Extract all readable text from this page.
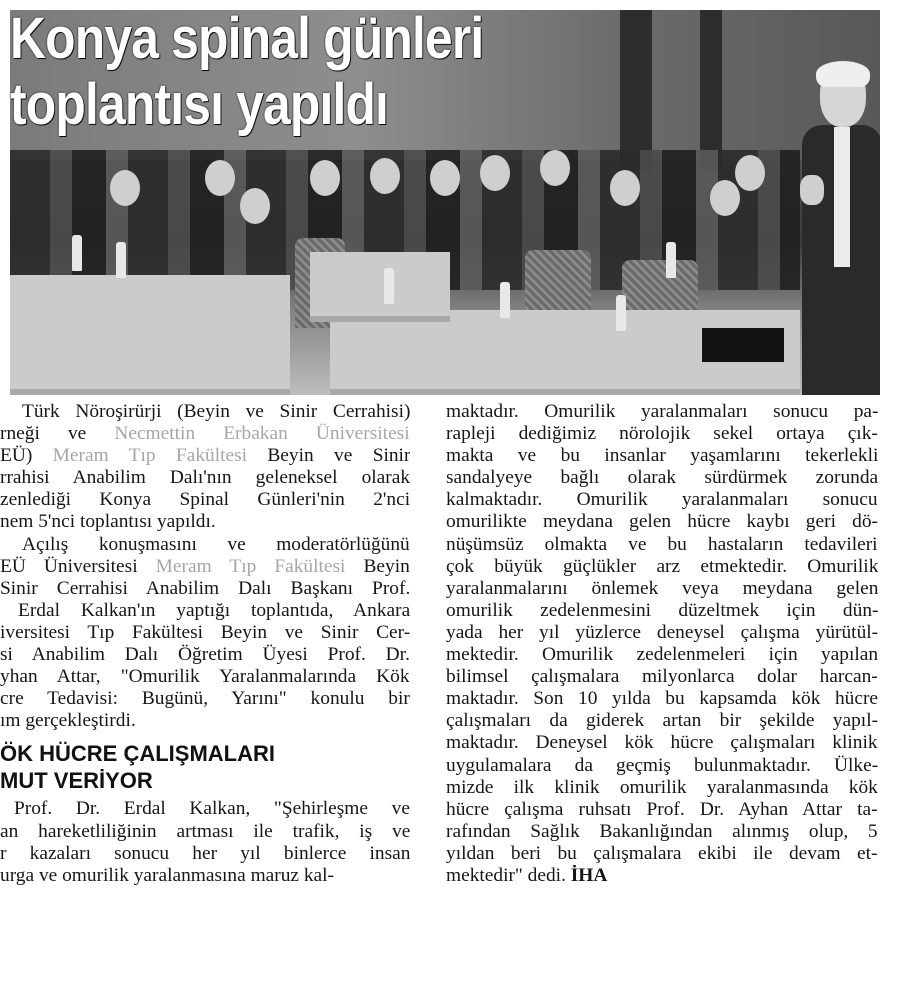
Konya spinal günleri
toplantısı yapıldı

Türk Nöroşirürji (Beyin ve Sinir Cerrahisi)
rneği ve Necmettin Erbakan Üniversitesi
EÜ) Meram Tıp Fakültesi Beyin ve Sinir
rrahisi Anabilim Dalı'nın geleneksel olarak
zenlediği Konya Spinal Günleri'nin 2'nci
nem 5'nci toplantısı yapıldı.

Açılış konuşmasını ve moderatörlüğünü
EÜ Üniversitesi Meram Tıp Fakültesi Beyin
Sinir Cerrahisi Anabilim Dalı Başkanı Prof.
Erdal Kalkan'ın yaptığı toplantıda, Ankara
iversitesi Tıp Fakültesi Beyin ve Sinir Cer-
si Anabilim Dalı Öğretim Üyesi Prof. Dr.
yhan Attar, "Omurilik Yaralanmalarında Kök
cre Tedavisi: Bugünü, Yarını" konulu bir
ım gerçekleştirdi.

ÖK HÜCRE ÇALIŞMALARI
MUT VERİYOR

Prof. Dr. Erdal Kalkan, "Şehirleşme ve
an hareketliliğinin artması ile trafik, iş ve
r kazaları sonucu her yıl binlerce insan
urga ve omurilik yaralanmasına maruz kal-

maktadır. Omurilik yaralanmaları sonucu pa-
rapleji dediğimiz nörolojik sekel ortaya çık-
makta ve bu insanlar yaşamlarını tekerlekli
sandalyeye bağlı olarak sürdürmek zorunda
kalmaktadır. Omurilik yaralanmaları sonucu
omurilikte meydana gelen hücre kaybı geri dö-
nüşümsüz olmakta ve bu hastaların tedavileri
çok büyük güçlükler arz etmektedir. Omurilik
yaralanmalarını önlemek veya meydana gelen
omurilik zedelenmesini düzeltmek için dün-
yada her yıl yüzlerce deneysel çalışma yürütül-
mektedir. Omurilik zedelenmeleri için yapılan
bilimsel çalışmalara milyonlarca dolar harcan-
maktadır. Son 10 yılda bu kapsamda kök hücre
çalışmaları da giderek artan bir şekilde yapıl-
maktadır. Deneysel kök hücre çalışmaları klinik
uygulamalara da geçmiş bulunmaktadır. Ülke-
mizde ilk klinik omurilik yaralanmasında kök
hücre çalışma ruhsatı Prof. Dr. Ayhan Attar ta-
rafından Sağlık Bakanlığından alınmış olup, 5
yıldan beri bu çalışmalara ekibi ile devam et-
mektedir" dedi. İHA
